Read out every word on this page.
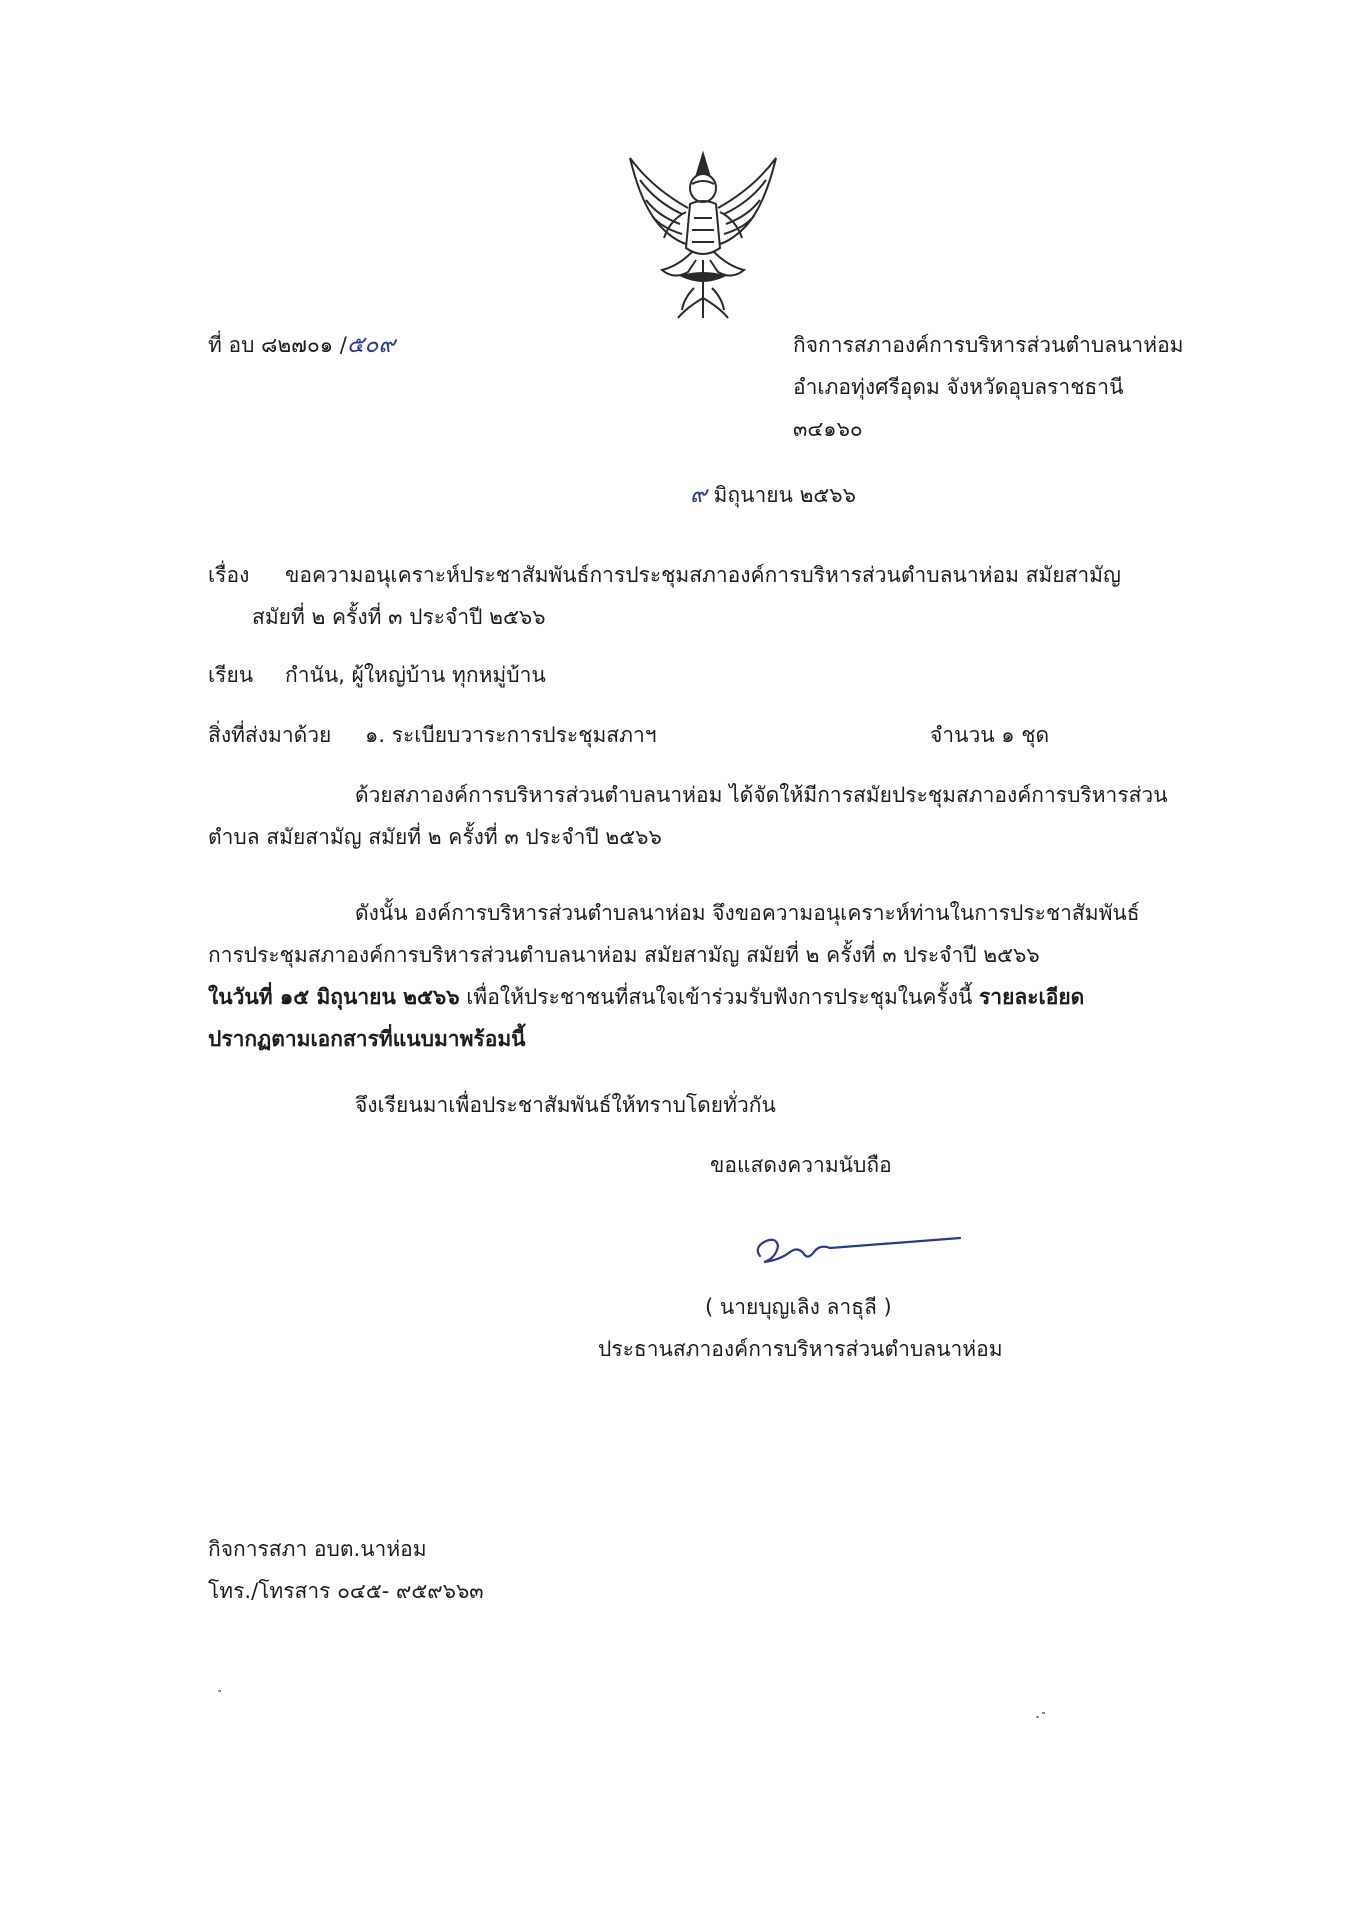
ที่ อบ ๘๒๗๐๑ /๕๐๙	กิจการสภาองค์การบริหารส่วนตำบลนาห่อม
อำเภอทุ่งศรีอุดม จังหวัดอุบลราชธานี
๓๔๑๖๐
๙ มิถุนายน ๒๕๖๖
เรื่อง ขอความอนุเคราะห์ประชาสัมพันธ์การประชุมสภาองค์การบริหารส่วนตำบลนาห่อม สมัยสามัญ
สมัยที่ ๒ ครั้งที่ ๓ ประจำปี ๒๕๖๖
เรียน กำนัน, ผู้ใหญ่บ้าน ทุกหมู่บ้าน
สิ่งที่ส่งมาด้วย ๑. ระเบียบวาระการประชุมสภาฯ	จำนวน ๑ ชุด
ด้วยสภาองค์การบริหารส่วนตำบลนาห่อม ได้จัดให้มีการสมัยประชุมสภาองค์การบริหารส่วน
ตำบล สมัยสามัญ สมัยที่ ๒ ครั้งที่ ๓ ประจำปี ๒๕๖๖
ดังนั้น องค์การบริหารส่วนตำบลนาห่อม จึงขอความอนุเคราะห์ท่านในการประชาสัมพันธ์
การประชุมสภาองค์การบริหารส่วนตำบลนาห่อม สมัยสามัญ สมัยที่ ๒ ครั้งที่ ๓ ประจำปี ๒๕๖๖
ในวันที่ ๑๕ มิถุนายน ๒๕๖๖ เพื่อให้ประชาชนที่สนใจเข้าร่วมรับฟังการประชุมในครั้งนี้ รายละเอียด
ปรากฏตามเอกสารที่แนบมาพร้อมนี้
จึงเรียนมาเพื่อประชาสัมพันธ์ให้ทราบโดยทั่วกัน
ขอแสดงความนับถือ
( นายบุญเลิง ลาธุลี )
ประธานสภาองค์การบริหารส่วนตำบลนาห่อม
กิจการสภา อบต.นาห่อม
โทร./โทรสาร ๐๔๕- ๙๕๙๖๖๓
